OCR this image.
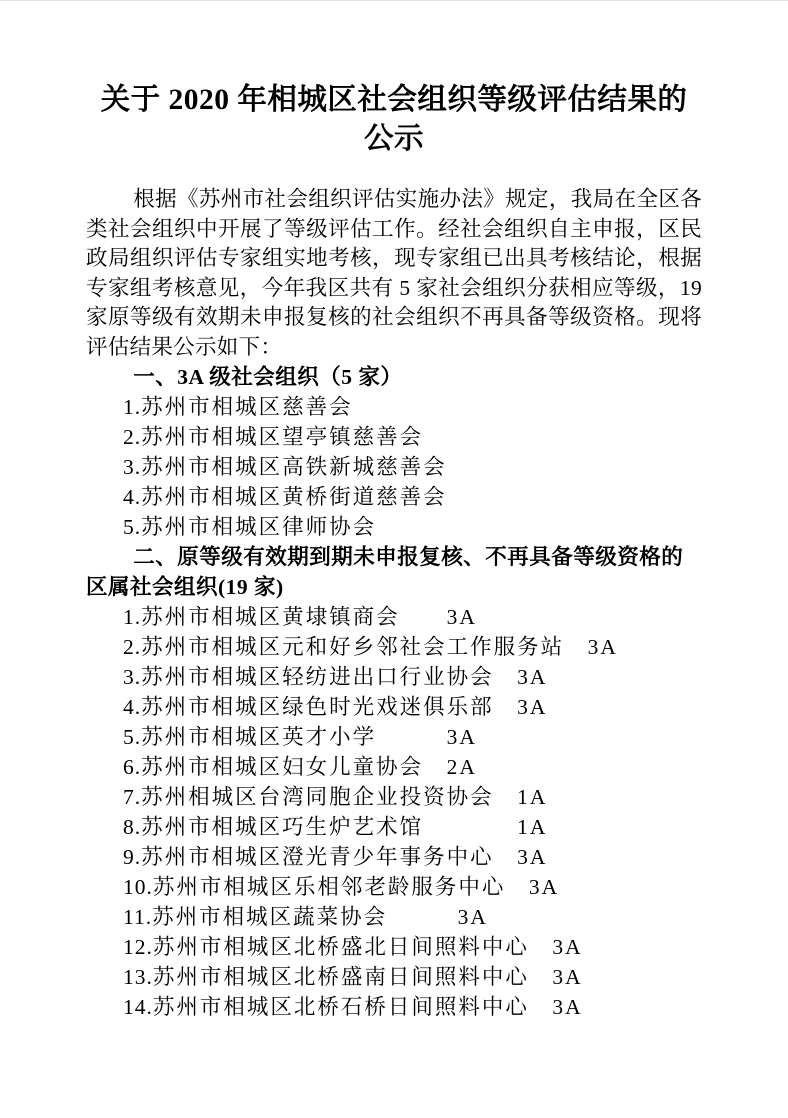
关于 2020 年相城区社会组织等级评估结果的
公示

根据《苏州市社会组织评估实施办法》规定，我局在全区各类社会组织中开展了等级评估工作。经社会组织自主申报，区民政局组织评估专家组实地考核，现专家组已出具考核结论，根据专家组考核意见，今年我区共有 5 家社会组织分获相应等级，19 家原等级有效期未申报复核的社会组织不再具备等级资格。现将评估结果公示如下：

一、3A 级社会组织（5 家）
1.苏州市相城区慈善会
2.苏州市相城区望亭镇慈善会
3.苏州市相城区高铁新城慈善会
4.苏州市相城区黄桥街道慈善会
5.苏州市相城区律师协会
二、原等级有效期到期未申报复核、不再具备等级资格的区属社会组织(19 家)
1.苏州市相城区黄埭镇商会　　 3A
2.苏州市相城区元和好乡邻社会工作服务站　 3A
3.苏州市相城区轻纺进出口行业协会　 3A
4.苏州市相城区绿色时光戏迷俱乐部　 3A
5.苏州市相城区英才小学　　　	3A
6.苏州市相城区妇女儿童协会　 2A
7.苏州相城区台湾同胞企业投资协会　 1A
8.苏州市相城区巧生炉艺术馆　　　　	1A
9.苏州市相城区澄光青少年事务中心　 3A
10.苏州市相城区乐相邻老龄服务中心　 3A
11.苏州市相城区蔬菜协会　　　	3A
12.苏州市相城区北桥盛北日间照料中心　 3A
13.苏州市相城区北桥盛南日间照料中心　 3A
14.苏州市相城区北桥石桥日间照料中心　 3A
